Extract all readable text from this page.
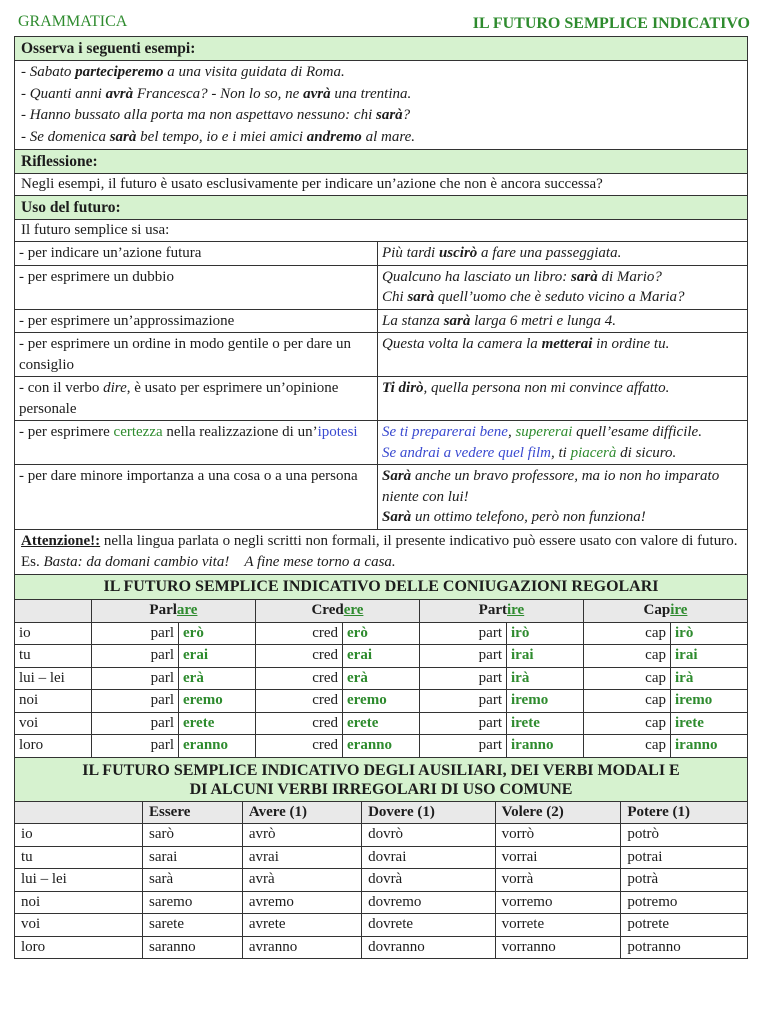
GRAMMATICA	IL FUTURO SEMPLICE INDICATIVO
Osserva i seguenti esempi:
- Sabato parteciperemo a una visita guidata di Roma.
- Quanti anni avrà Francesca? - Non lo so, ne avrà una trentina.
- Hanno bussato alla porta ma non aspettavo nessuno: chi sarà?
- Se domenica sarà bel tempo, io e i miei amici andremo al mare.
Riflessione:
Negli esempi, il futuro è usato esclusivamente per indicare un’azione che non è ancora successa?
Uso del futuro:
Il futuro semplice si usa:
- per indicare un’azione futura	Più tardi uscirò a fare una passeggiata.
- per esprimere un dubbio	Qualcuno ha lasciato un libro: sarà di Mario?
Chi sarà quell’uomo che è seduto vicino a Maria?
- per esprimere un’approssimazione	La stanza sarà larga 6 metri e lunga 4.
- per esprimere un ordine in modo gentile o per dare un consiglio	Questa volta la camera la metterai in ordine tu.
- con il verbo dire, è usato per esprimere un’opinione personale	Ti dirò, quella persona non mi convince affatto.
- per esprimere certezza nella realizzazione di un’ipotesi	Se ti preparerai bene, supererai quell’esame difficile.
Se andrai a vedere quel film, ti piacerà di sicuro.
- per dare minore importanza a una cosa o a una persona	Sarà anche un bravo professore, ma io non ho imparato niente con lui!
Sarà un ottimo telefono, però non funziona!
Attenzione!: nella lingua parlata o negli scritti non formali, il presente indicativo può essere usato con valore di futuro. Es. Basta: da domani cambio vita! A fine mese torno a casa.
IL FUTURO SEMPLICE INDICATIVO DELLE CONIUGAZIONI REGOLARI
	Parlare		Credere		Partire		Capire	
io	parl	erò	cred	erò	part	irò	cap	irò
tu	parl	erai	cred	erai	part	irai	cap	irai
lui – lei	parl	erà	cred	erà	part	irà	cap	irà
noi	parl	eremo	cred	eremo	part	iremo	cap	iremo
voi	parl	erete	cred	erete	part	irete	cap	irete
loro	parl	eranno	cred	eranno	part	iranno	cap	iranno
IL FUTURO SEMPLICE INDICATIVO DEGLI AUSILIARI, DEI VERBI MODALI E
DI ALCUNI VERBI IRREGOLARI DI USO COMUNE
	Essere	Avere (1)	Dovere (1)	Volere (2)	Potere (1)
io	sarò	avrò	dovrò	vorrò	potrò
tu	sarai	avrai	dovrai	vorrai	potrai
lui – lei	sarà	avrà	dovrà	vorrà	potrà
noi	saremo	avremo	dovremo	vorremo	potremo
voi	sarete	avrete	dovrete	vorrete	potrete
loro	saranno	avranno	dovranno	vorranno	potranno
